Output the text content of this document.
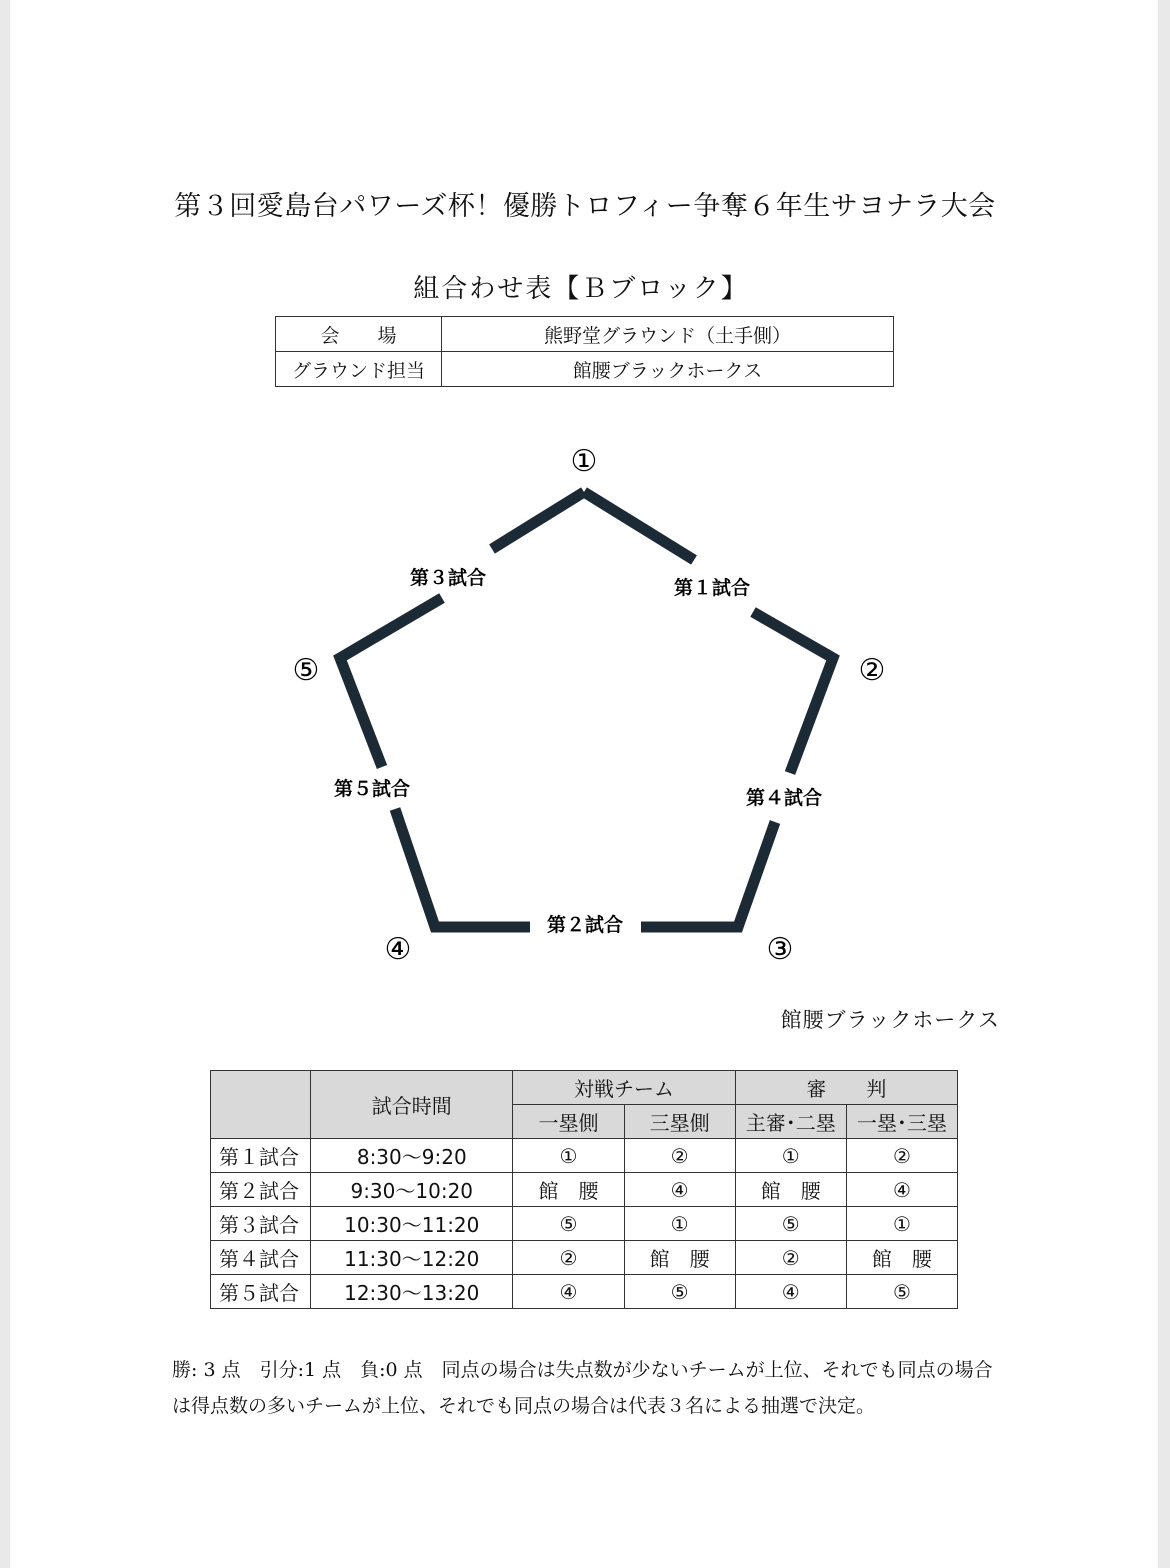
第３回愛島台パワーズ杯！優勝トロフィー争奪６年生サヨナラ大会
組合わせ表【Ｂブロック】
会　　場	熊野堂グラウンド（土手側）
グラウンド担当	館腰ブラックホークス
①
②
③
④
⑤
第１試合
第２試合
第３試合
第４試合
第５試合
館腰ブラックホークス
	試合時間	対戦チーム		審　　判	
		一塁側	三塁側	主審･二塁	一塁･三塁
第１試合	8:30～9:20	①	②	①	②
第２試合	9:30～10:20	館　腰	④	館　腰	④
第３試合	10:30～11:20	⑤	①	⑤	①
第４試合	11:30～12:20	②	館　腰	②	館　腰
第５試合	12:30～13:20	④	⑤	④	⑤
勝: 3 点　引分:1 点　負:0 点　同点の場合は失点数が少ないチームが上位、それでも同点の場合は得点数の多いチームが上位、それでも同点の場合は代表３名による抽選で決定。
